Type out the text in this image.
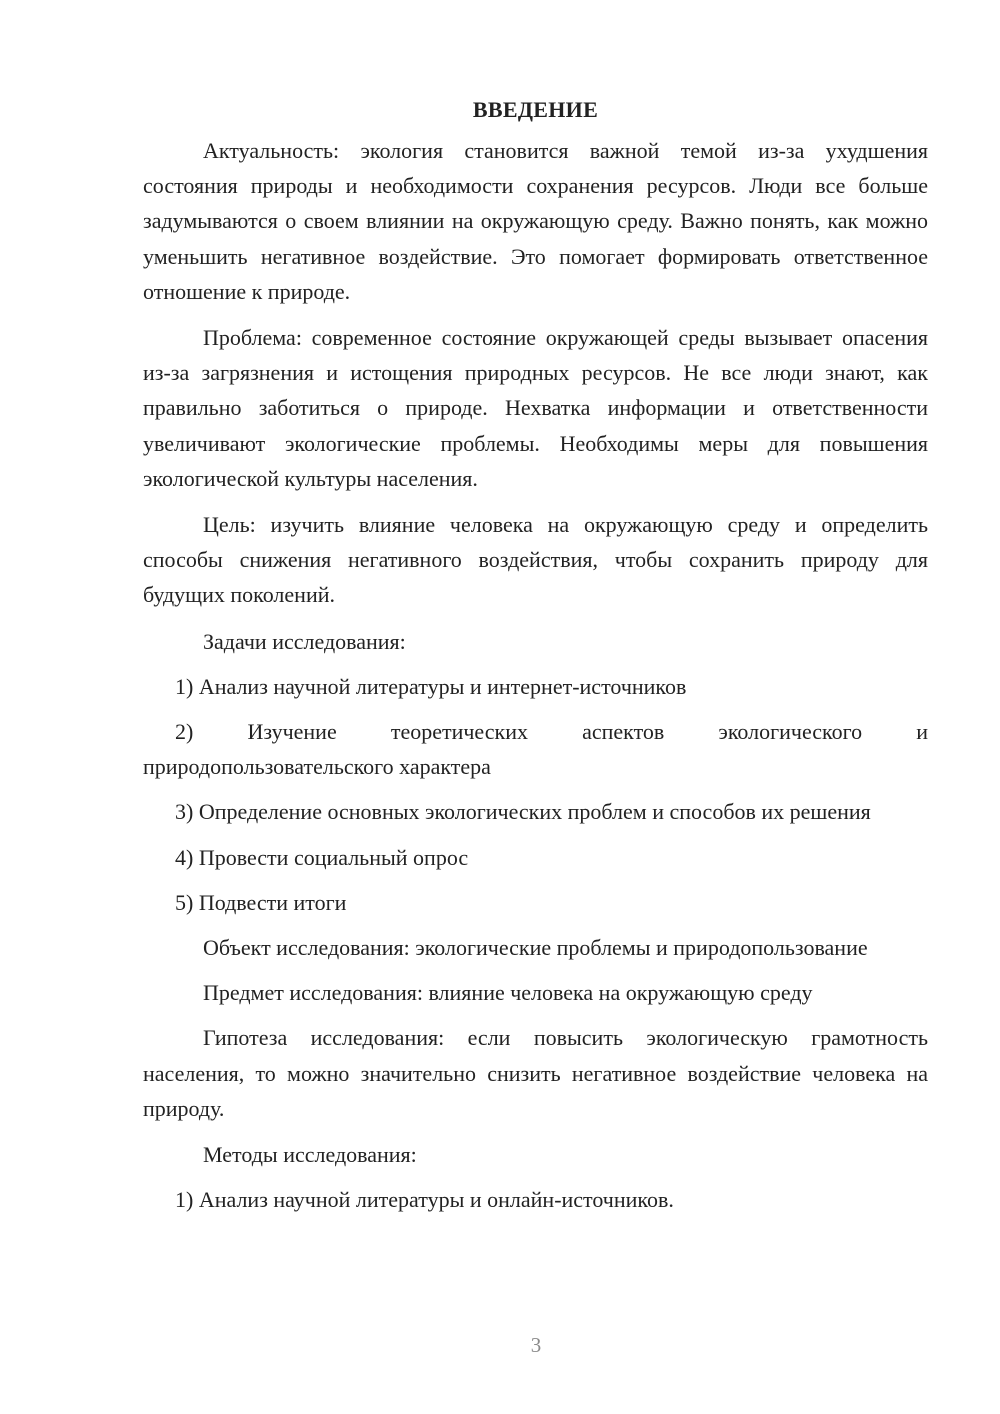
ВВЕДЕНИЕ

Актуальность: экология становится важной темой из-за ухудшения состояния природы и необходимости сохранения ресурсов. Люди все больше задумываются о своем влиянии на окружающую среду. Важно понять, как можно уменьшить негативное воздействие. Это помогает формировать ответственное отношение к природе.

Проблема: современное состояние окружающей среды вызывает опасения из-за загрязнения и истощения природных ресурсов. Не все люди знают, как правильно заботиться о природе. Нехватка информации и ответственности увеличивают экологические проблемы. Необходимы меры для повышения экологической культуры населения.

Цель: изучить влияние человека на окружающую среду и определить способы снижения негативного воздействия, чтобы сохранить природу для будущих поколений.

Задачи исследования:

1) Анализ научной литературы и интернет-источников

2) Изучение теоретических аспектов экологического и природопользовательского характера

3) Определение основных экологических проблем и способов их решения

4) Провести социальный опрос

5) Подвести итоги

Объект исследования: экологические проблемы и природопользование

Предмет исследования: влияние человека на окружающую среду

Гипотеза исследования: если повысить экологическую грамотность населения, то можно значительно снизить негативное воздействие человека на природу.

Методы исследования:

1) Анализ научной литературы и онлайн-источников.

3
